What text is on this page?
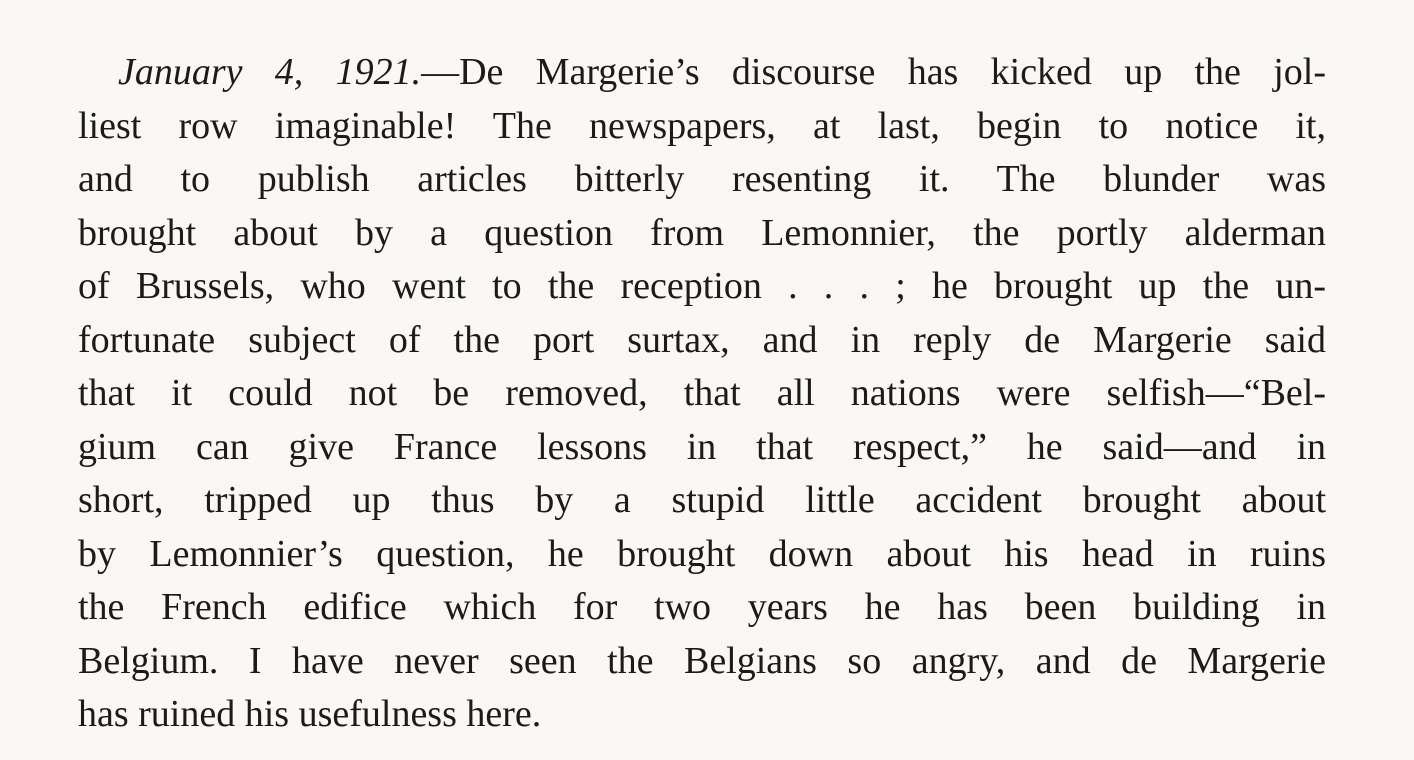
January 4, 1921.—De Margerie’s discourse has kicked up the jol-
liest row imaginable! The newspapers, at last, begin to notice it,
and to publish articles bitterly resenting it. The blunder was
brought about by a question from Lemonnier, the portly alderman
of Brussels, who went to the reception . . . ; he brought up the un-
fortunate subject of the port surtax, and in reply de Margerie said
that it could not be removed, that all nations were selfish—“Bel-
gium can give France lessons in that respect,” he said—and in
short, tripped up thus by a stupid little accident brought about
by Lemonnier’s question, he brought down about his head in ruins
the French edifice which for two years he has been building in
Belgium. I have never seen the Belgians so angry, and de Margerie
has ruined his usefulness here.
